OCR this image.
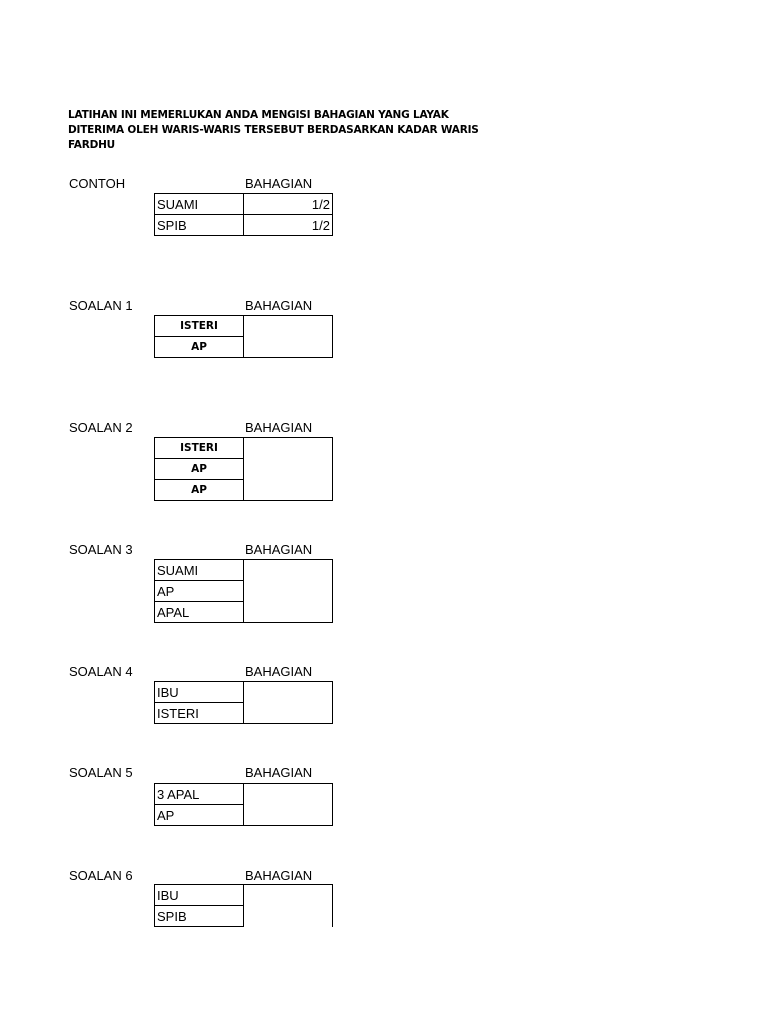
LATIHAN INI MEMERLUKAN ANDA MENGISI BAHAGIAN YANG LAYAK
DITERIMA OLEH WARIS-WARIS TERSEBUT BERDASARKAN KADAR WARIS
FARDHU
CONTOH	BAHAGIAN
SUAMI	1/2
SPIB	1/2
SOALAN 1	BAHAGIAN
ISTERI	
AP
SOALAN 2	BAHAGIAN
ISTERI	
AP
AP
SOALAN 3	BAHAGIAN
SUAMI	
AP
APAL
SOALAN 4	BAHAGIAN
IBU	
ISTERI
SOALAN 5	BAHAGIAN
3 APAL	
AP
SOALAN 6	BAHAGIAN
IBU	
SPIB
